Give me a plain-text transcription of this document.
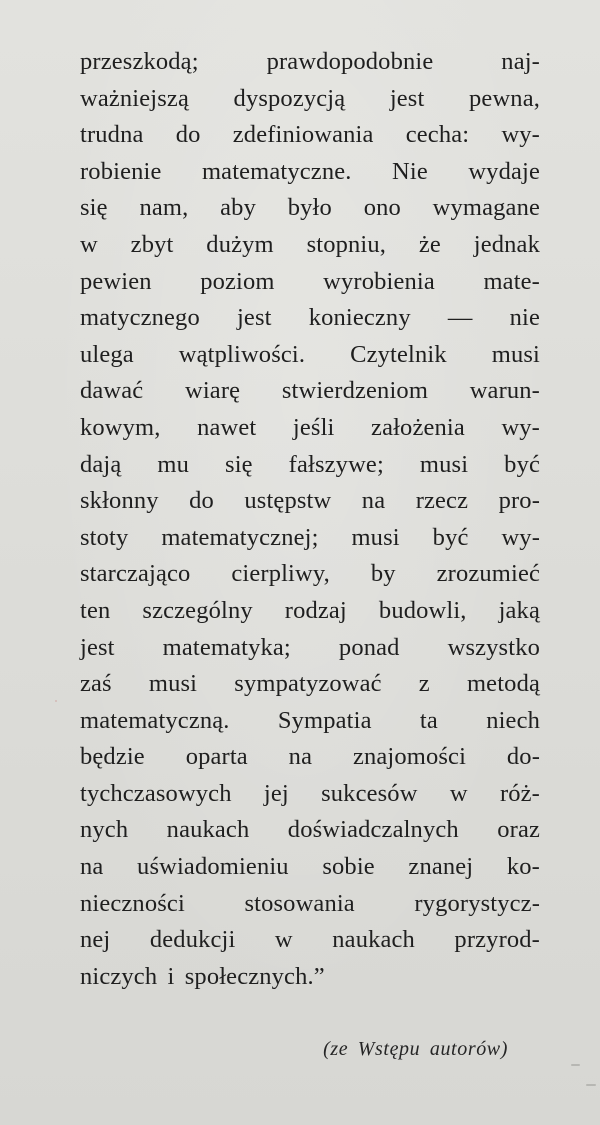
przeszkodą; prawdopodobnie naj-
ważniejszą dyspozycją jest pewna,
trudna do zdefiniowania cecha: wy-
robienie matematyczne. Nie wydaje
się nam, aby było ono wymagane
w zbyt dużym stopniu, że jednak
pewien poziom wyrobienia mate-
matycznego jest konieczny — nie
ulega wątpliwości. Czytelnik musi
dawać wiarę stwierdzeniom warun-
kowym, nawet jeśli założenia wy-
dają mu się fałszywe; musi być
skłonny do ustępstw na rzecz pro-
stoty matematycznej; musi być wy-
starczająco cierpliwy, by zrozumieć
ten szczególny rodzaj budowli, jaką
jest matematyka; ponad wszystko
zaś musi sympatyzować z metodą
matematyczną. Sympatia ta niech
będzie oparta na znajomości do-
tychczasowych jej sukcesów w róż-
nych naukach doświadczalnych oraz
na uświadomieniu sobie znanej ko-
nieczności stosowania rygorystycz-
nej dedukcji w naukach przyrod-
niczych i społecznych.”
(ze Wstępu autorów)
